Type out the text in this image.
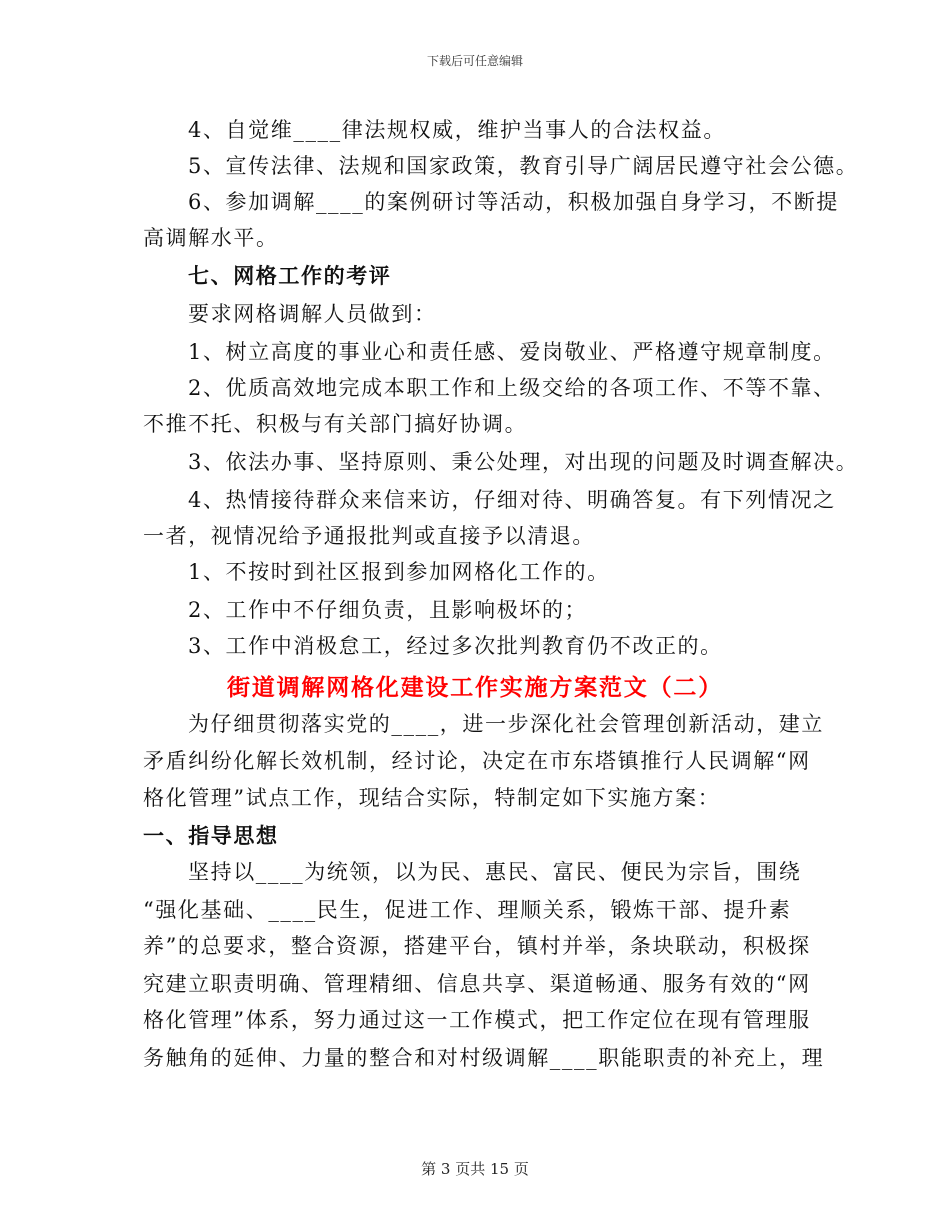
下载后可任意编辑
4、自觉维____律法规权威，维护当事人的合法权益。
5、宣传法律、法规和国家政策，教育引导广阔居民遵守社会公德。
6、参加调解____的案例研讨等活动，积极加强自身学习，不断提
高调解水平。
七、网格工作的考评
要求网格调解人员做到：
1、树立高度的事业心和责任感、爱岗敬业、严格遵守规章制度。
2、优质高效地完成本职工作和上级交给的各项工作、不等不靠、
不推不托、积极与有关部门搞好协调。
3、依法办事、坚持原则、秉公处理，对出现的问题及时调查解决。
4、热情接待群众来信来访，仔细对待、明确答复。有下列情况之
一者，视情况给予通报批判或直接予以清退。
1、不按时到社区报到参加网格化工作的。
2、工作中不仔细负责，且影响极坏的；
3、工作中消极怠工，经过多次批判教育仍不改正的。
街道调解网格化建设工作实施方案范文（二）
为仔细贯彻落实党的____，进一步深化社会管理创新活动，建立
矛盾纠纷化解长效机制，经讨论，决定在市东塔镇推行人民调解“网
格化管理”试点工作，现结合实际，特制定如下实施方案：
一、指导思想
坚持以____为统领，以为民、惠民、富民、便民为宗旨，围绕
“强化基础、____民生，促进工作、理顺关系，锻炼干部、提升素
养”的总要求，整合资源，搭建平台，镇村并举，条块联动，积极探
究建立职责明确、管理精细、信息共享、渠道畅通、服务有效的“网
格化管理”体系，努力通过这一工作模式，把工作定位在现有管理服
务触角的延伸、力量的整合和对村级调解____职能职责的补充上，理
第 3 页共 15 页
